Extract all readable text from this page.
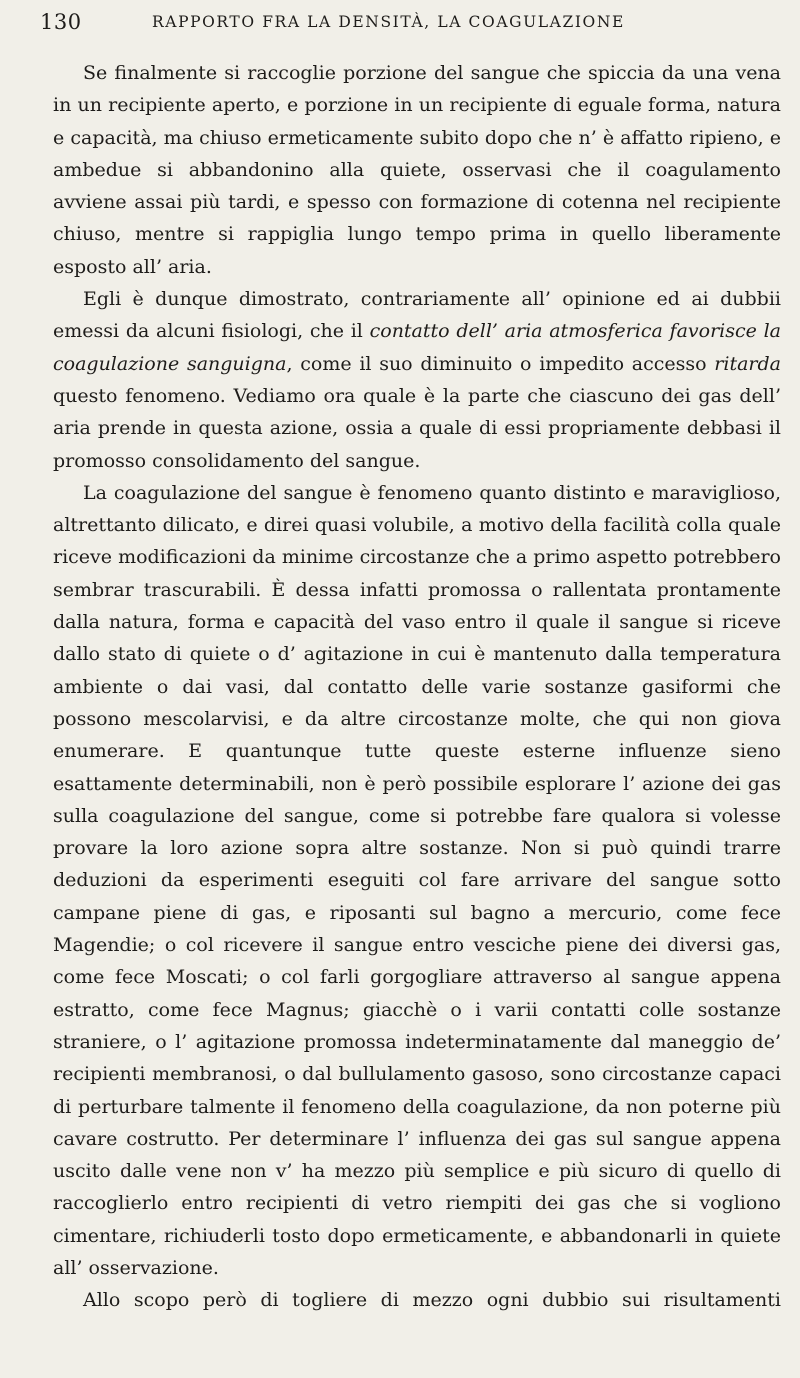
130	RAPPORTO FRA LA DENSITÀ, LA COAGULAZIONE

Se finalmente si raccoglie porzione del sangue che spiccia da una vena in un recipiente aperto, e porzione in un recipiente di eguale forma, natura e capacità, ma chiuso ermeticamente subito dopo che n’ è affatto ripieno, e ambedue si abbandonino alla quiete, osservasi che il coagulamento avviene assai più tardi, e spesso con formazione di cotenna nel recipiente chiuso, mentre si rappiglia lungo tempo prima in quello liberamente esposto all’ aria.

Egli è dunque dimostrato, contrariamente all’ opinione ed ai dubbii emessi da alcuni fisiologi, che il contatto dell’ aria atmosferica favorisce la coagulazione sanguigna, come il suo diminuito o impedito accesso ritarda questo fenomeno. Vediamo ora quale è la parte che ciascuno dei gas dell’ aria prende in questa azione, ossia a quale di essi propriamente debbasi il promosso consolidamento del sangue.

La coagulazione del sangue è fenomeno quanto distinto e maraviglioso, altrettanto dilicato, e direi quasi volubile, a motivo della facilità colla quale riceve modificazioni da minime circostanze che a primo aspetto potrebbero sembrar trascurabili. È dessa infatti promossa o rallentata prontamente dalla natura, forma e capacità del vaso entro il quale il sangue si riceve dallo stato di quiete o d’ agitazione in cui è mantenuto dalla temperatura ambiente o dai vasi, dal contatto delle varie sostanze gasiformi che possono mescolarvisi, e da altre circostanze molte, che qui non giova enumerare. E quantunque tutte queste esterne influenze sieno esattamente determinabili, non è però possibile esplorare l’ azione dei gas sulla coagulazione del sangue, come si potrebbe fare qualora si volesse provare la loro azione sopra altre sostanze. Non si può quindi trarre deduzioni da esperimenti eseguiti col fare arrivare del sangue sotto campane piene di gas, e riposanti sul bagno a mercurio, come fece Magendie; o col ricevere il sangue entro vesciche piene dei diversi gas, come fece Moscati; o col farli gorgogliare attraverso al sangue appena estratto, come fece Magnus; giacchè o i varii contatti colle sostanze straniere, o l’ agitazione promossa indeterminatamente dal maneggio de’ recipienti membranosi, o dal bullulamento gasoso, sono circostanze capaci di perturbare talmente il fenomeno della coagulazione, da non poterne più cavare costrutto. Per determinare l’ influenza dei gas sul sangue appena uscito dalle vene non v’ ha mezzo più semplice e più sicuro di quello di raccoglierlo entro recipienti di vetro riempiti dei gas che si vogliono cimentare, richiuderli tosto dopo ermeticamente, e abbandonarli in quiete all’ osservazione.

Allo scopo però di togliere di mezzo ogni dubbio sui risultamenti
